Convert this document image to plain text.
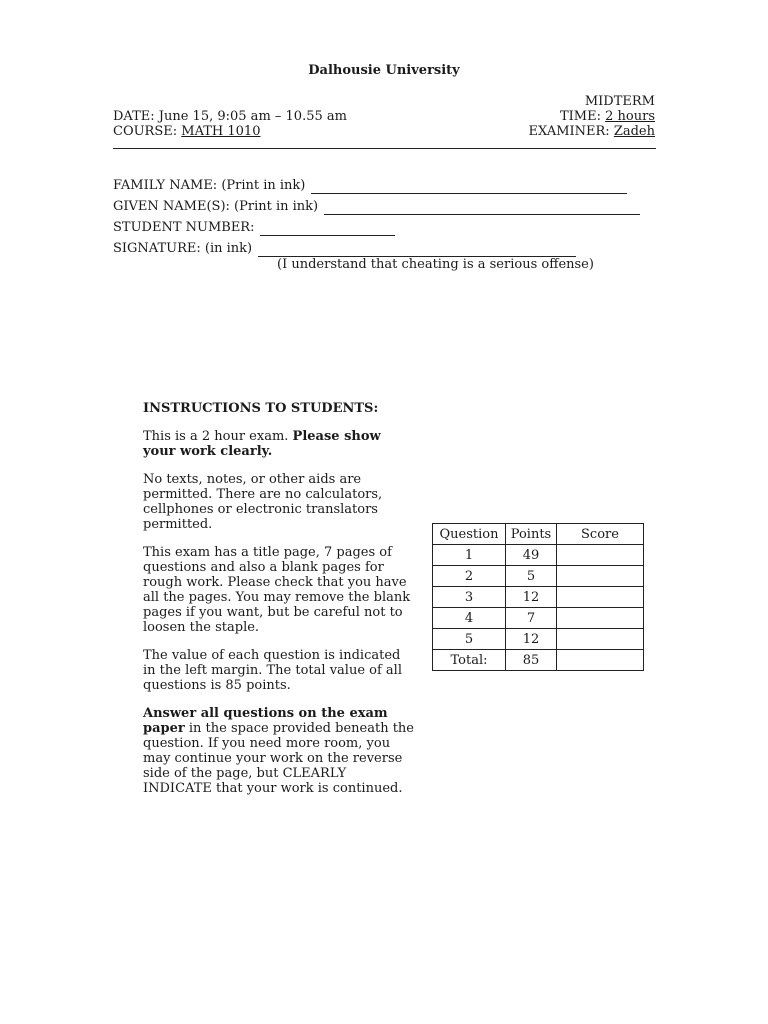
Dalhousie University
DATE: June 15, 9:05 am – 10.55 am
COURSE: MATH 1010
MIDTERM
TIME: 2 hours
EXAMINER: Zadeh
FAMILY NAME: (Print in ink)
GIVEN NAME(S): (Print in ink)
STUDENT NUMBER:
SIGNATURE: (in ink)
(I understand that cheating is a serious offense)
INSTRUCTIONS TO STUDENTS:

This is a 2 hour exam. Please show your work clearly.

No texts, notes, or other aids are permitted. There are no calculators, cellphones or electronic translators permitted.

This exam has a title page, 7 pages of questions and also a blank pages for rough work. Please check that you have all the pages. You may remove the blank pages if you want, but be careful not to loosen the staple.

The value of each question is indicated in the left margin. The total value of all questions is 85 points.

Answer all questions on the exam paper in the space provided beneath the question. If you need more room, you may continue your work on the reverse side of the page, but CLEARLY INDICATE that your work is continued.

Question	Points	Score
1	49	
2	5	
3	12	
4	7	
5	12	
Total:	85	
